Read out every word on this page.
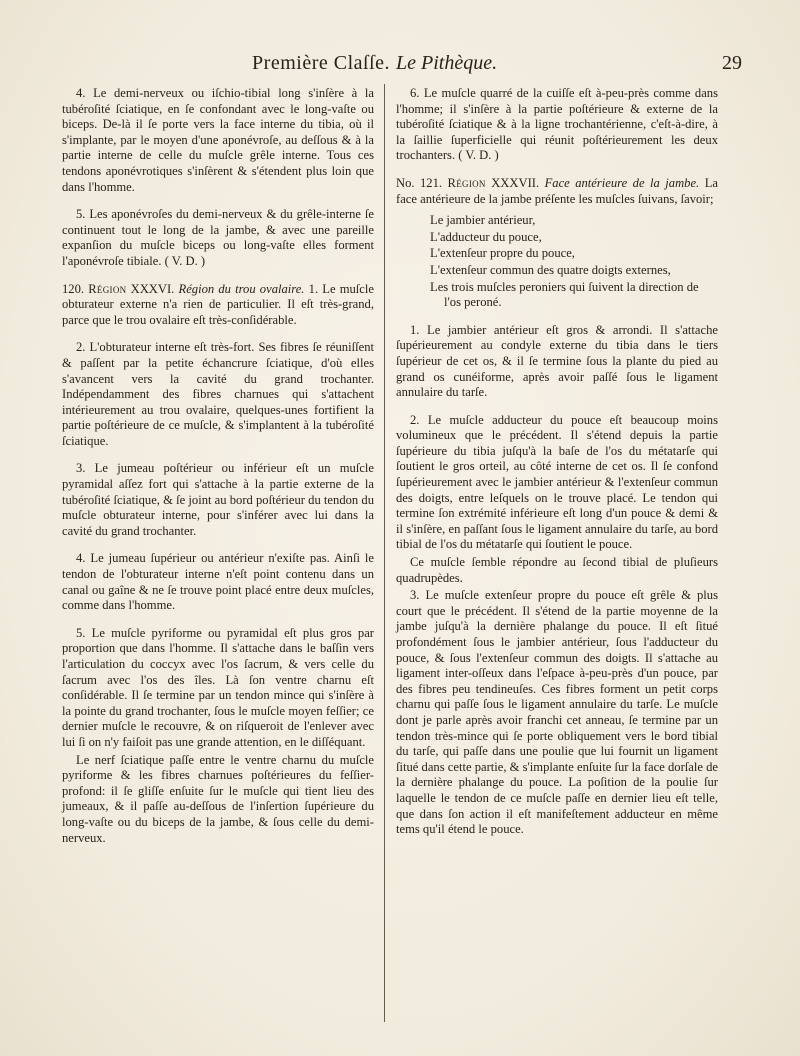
Première Claſſe. Le Pithèque.	29

4. Le demi-nerveux ou iſchio-tibial long s'inſère à la tubéroſité ſciatique, en ſe confondant avec le long-vaſte ou biceps. De-là il ſe porte vers la face interne du tibia, où il s'implante, par le moyen d'une aponévroſe, au deſſous & à la partie interne de celle du muſcle grêle interne. Tous ces tendons aponévrotiques s'inſèrent & s'étendent plus loin que dans l'homme.

5. Les aponévroſes du demi-nerveux & du grêle-interne ſe continuent tout le long de la jambe, & avec une pareille expanſion du muſcle biceps ou long-vaſte elles forment l'aponévroſe tibiale. ( V. D. )

120. Région XXXVI. Région du trou ovalaire. 1. Le muſcle obturateur externe n'a rien de particulier. Il eſt très-grand, parce que le trou ovalaire eſt très-conſidérable.

2. L'obturateur interne eſt très-fort. Ses fibres ſe réuniſſent & paſſent par la petite échancrure ſciatique, d'où elles s'avancent vers la cavité du grand trochanter. Indépendamment des fibres charnues qui s'attachent intérieurement au trou ovalaire, quelques-unes fortifient la partie poſtérieure de ce muſcle, & s'implantent à la tubéroſité ſciatique.

3. Le jumeau poſtérieur ou inférieur eſt un muſcle pyramidal aſſez fort qui s'attache à la partie externe de la tubéroſité ſciatique, & ſe joint au bord poſtérieur du tendon du muſcle obturateur interne, pour s'inférer avec lui dans la cavité du grand trochanter.

4. Le jumeau ſupérieur ou antérieur n'exiſte pas. Ainſi le tendon de l'obturateur interne n'eſt point contenu dans un canal ou gaîne & ne ſe trouve point placé entre deux muſcles, comme dans l'homme.

5. Le muſcle pyriforme ou pyramidal eſt plus gros par proportion que dans l'homme. Il s'attache dans le baſſin vers l'articulation du coccyx avec l'os ſacrum, & vers celle du ſacrum avec l'os des îles. Là ſon ventre charnu eſt conſidérable. Il ſe termine par un tendon mince qui s'inſère à la pointe du grand trochanter, ſous le muſcle moyen feſſier; ce dernier muſcle le recouvre, & on riſqueroit de l'enlever avec lui ſi on n'y faiſoit pas une grande attention, en le diſſéquant.

Le nerf ſciatique paſſe entre le ventre charnu du muſcle pyriforme & les fibres charnues poſtérieures du feſſier-profond: il ſe gliſſe enſuite ſur le muſcle qui tient lieu des jumeaux, & il paſſe au-deſſous de l'inſertion ſupérieure du long-vaſte ou du biceps de la jambe, & ſous celle du demi-nerveux.

6. Le muſcle quarré de la cuiſſe eſt à-peu-près comme dans l'homme; il s'inſère à la partie poſtérieure & externe de la tubéroſité ſciatique & à la ligne trochantérienne, c'eſt-à-dire, à la ſaillie ſuperficielle qui réunit poſtérieurement les deux trochanters. ( V. D. )

No. 121. Région XXXVII. Face antérieure de la jambe. La face antérieure de la jambe préſente les muſcles ſuivans, ſavoir;

Le jambier antérieur,
L'adducteur du pouce,
L'extenſeur propre du pouce,
L'extenſeur commun des quatre doigts externes,
Les trois muſcles peroniers qui ſuivent la direction de l'os peroné.

1. Le jambier antérieur eſt gros & arrondi. Il s'attache ſupérieurement au condyle externe du tibia dans le tiers ſupérieur de cet os, & il ſe termine ſous la plante du pied au grand os cunéiforme, après avoir paſſé ſous le ligament annulaire du tarſe.

2. Le muſcle adducteur du pouce eſt beaucoup moins volumineux que le précédent. Il s'étend depuis la partie ſupérieure du tibia juſqu'à la baſe de l'os du métatarſe qui ſoutient le gros orteil, au côté interne de cet os. Il ſe confond ſupérieurement avec le jambier antérieur & l'extenſeur commun des doigts, entre leſquels on le trouve placé. Le tendon qui termine ſon extrémité inférieure eſt long d'un pouce & demi & il s'inſère, en paſſant ſous le ligament annulaire du tarſe, au bord tibial de l'os du métatarſe qui ſoutient le pouce.

Ce muſcle ſemble répondre au ſecond tibial de pluſieurs quadrupèdes.

3. Le muſcle extenſeur propre du pouce eſt grêle & plus court que le précédent. Il s'étend de la partie moyenne de la jambe juſqu'à la dernière phalange du pouce. Il eſt ſitué profondément ſous le jambier antérieur, ſous l'adducteur du pouce, & ſous l'extenſeur commun des doigts. Il s'attache au ligament inter-oſſeux dans l'eſpace à-peu-près d'un pouce, par des fibres peu tendineuſes. Ces fibres forment un petit corps charnu qui paſſe ſous le ligament annulaire du tarſe. Le muſcle dont je parle après avoir franchi cet anneau, ſe termine par un tendon très-mince qui ſe porte obliquement vers le bord tibial du tarſe, qui paſſe dans une poulie que lui fournit un ligament ſitué dans cette partie, & s'implante enſuite ſur la face dorſale de la dernière phalange du pouce. La poſition de la poulie ſur laquelle le tendon de ce muſcle paſſe en dernier lieu eſt telle, que dans ſon action il eſt manifeſtement adducteur en même tems qu'il étend le pouce.
